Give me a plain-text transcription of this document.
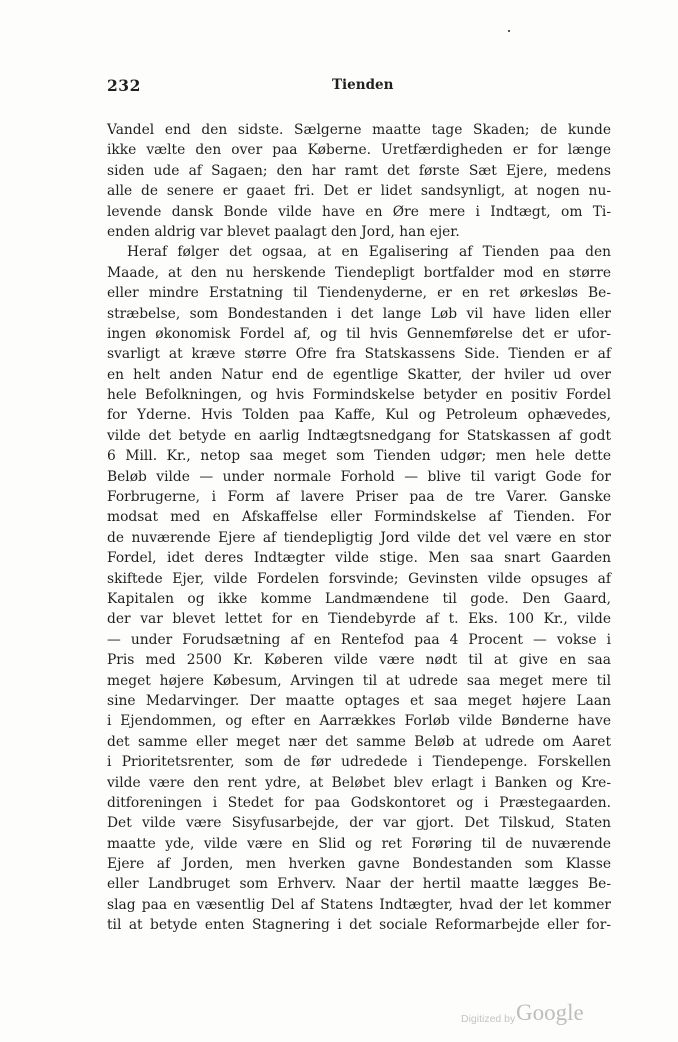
232	Tienden
Vandel end den sidste. Sælgerne maatte tage Skaden; de kunde
ikke vælte den over paa Køberne. Uretfærdigheden er for længe
siden ude af Sagaen; den har ramt det første Sæt Ejere, medens
alle de senere er gaaet fri. Det er lidet sandsynligt, at nogen nu-
levende dansk Bonde vilde have en Øre mere i Indtægt, om Ti-
enden aldrig var blevet paalagt den Jord, han ejer.
Heraf følger det ogsaa, at en Egalisering af Tienden paa den
Maade, at den nu herskende Tiendepligt bortfalder mod en større
eller mindre Erstatning til Tiendenyderne, er en ret ørkesløs Be-
stræbelse, som Bondestanden i det lange Løb vil have liden eller
ingen økonomisk Fordel af, og til hvis Gennemførelse det er ufor-
svarligt at kræve større Ofre fra Statskassens Side. Tienden er af
en helt anden Natur end de egentlige Skatter, der hviler ud over
hele Befolkningen, og hvis Formindskelse betyder en positiv Fordel
for Yderne. Hvis Tolden paa Kaffe, Kul og Petroleum ophævedes,
vilde det betyde en aarlig Indtægtsnedgang for Statskassen af godt
6 Mill. Kr., netop saa meget som Tienden udgør; men hele dette
Beløb vilde — under normale Forhold — blive til varigt Gode for
Forbrugerne, i Form af lavere Priser paa de tre Varer. Ganske
modsat med en Afskaffelse eller Formindskelse af Tienden. For
de nuværende Ejere af tiendepligtig Jord vilde det vel være en stor
Fordel, idet deres Indtægter vilde stige. Men saa snart Gaarden
skiftede Ejer, vilde Fordelen forsvinde; Gevinsten vilde opsuges af
Kapitalen og ikke komme Landmændene til gode. Den Gaard,
der var blevet lettet for en Tiendebyrde af t. Eks. 100 Kr., vilde
— under Forudsætning af en Rentefod paa 4 Procent — vokse i
Pris med 2500 Kr. Køberen vilde være nødt til at give en saa
meget højere Købesum, Arvingen til at udrede saa meget mere til
sine Medarvinger. Der maatte optages et saa meget højere Laan
i Ejendommen, og efter en Aarrækkes Forløb vilde Bønderne have
det samme eller meget nær det samme Beløb at udrede om Aaret
i Prioritetsrenter, som de før udredede i Tiendepenge. Forskellen
vilde være den rent ydre, at Beløbet blev erlagt i Banken og Kre-
ditforeningen i Stedet for paa Godskontoret og i Præstegaarden.
Det vilde være Sisyfusarbejde, der var gjort. Det Tilskud, Staten
maatte yde, vilde være en Slid og ret Forøring til de nuværende
Ejere af Jorden, men hverken gavne Bondestanden som Klasse
eller Landbruget som Erhverv. Naar der hertil maatte lægges Be-
slag paa en væsentlig Del af Statens Indtægter, hvad der let kommer
til at betyde enten Stagnering i det sociale Reformarbejde eller for-
Digitized by Google
